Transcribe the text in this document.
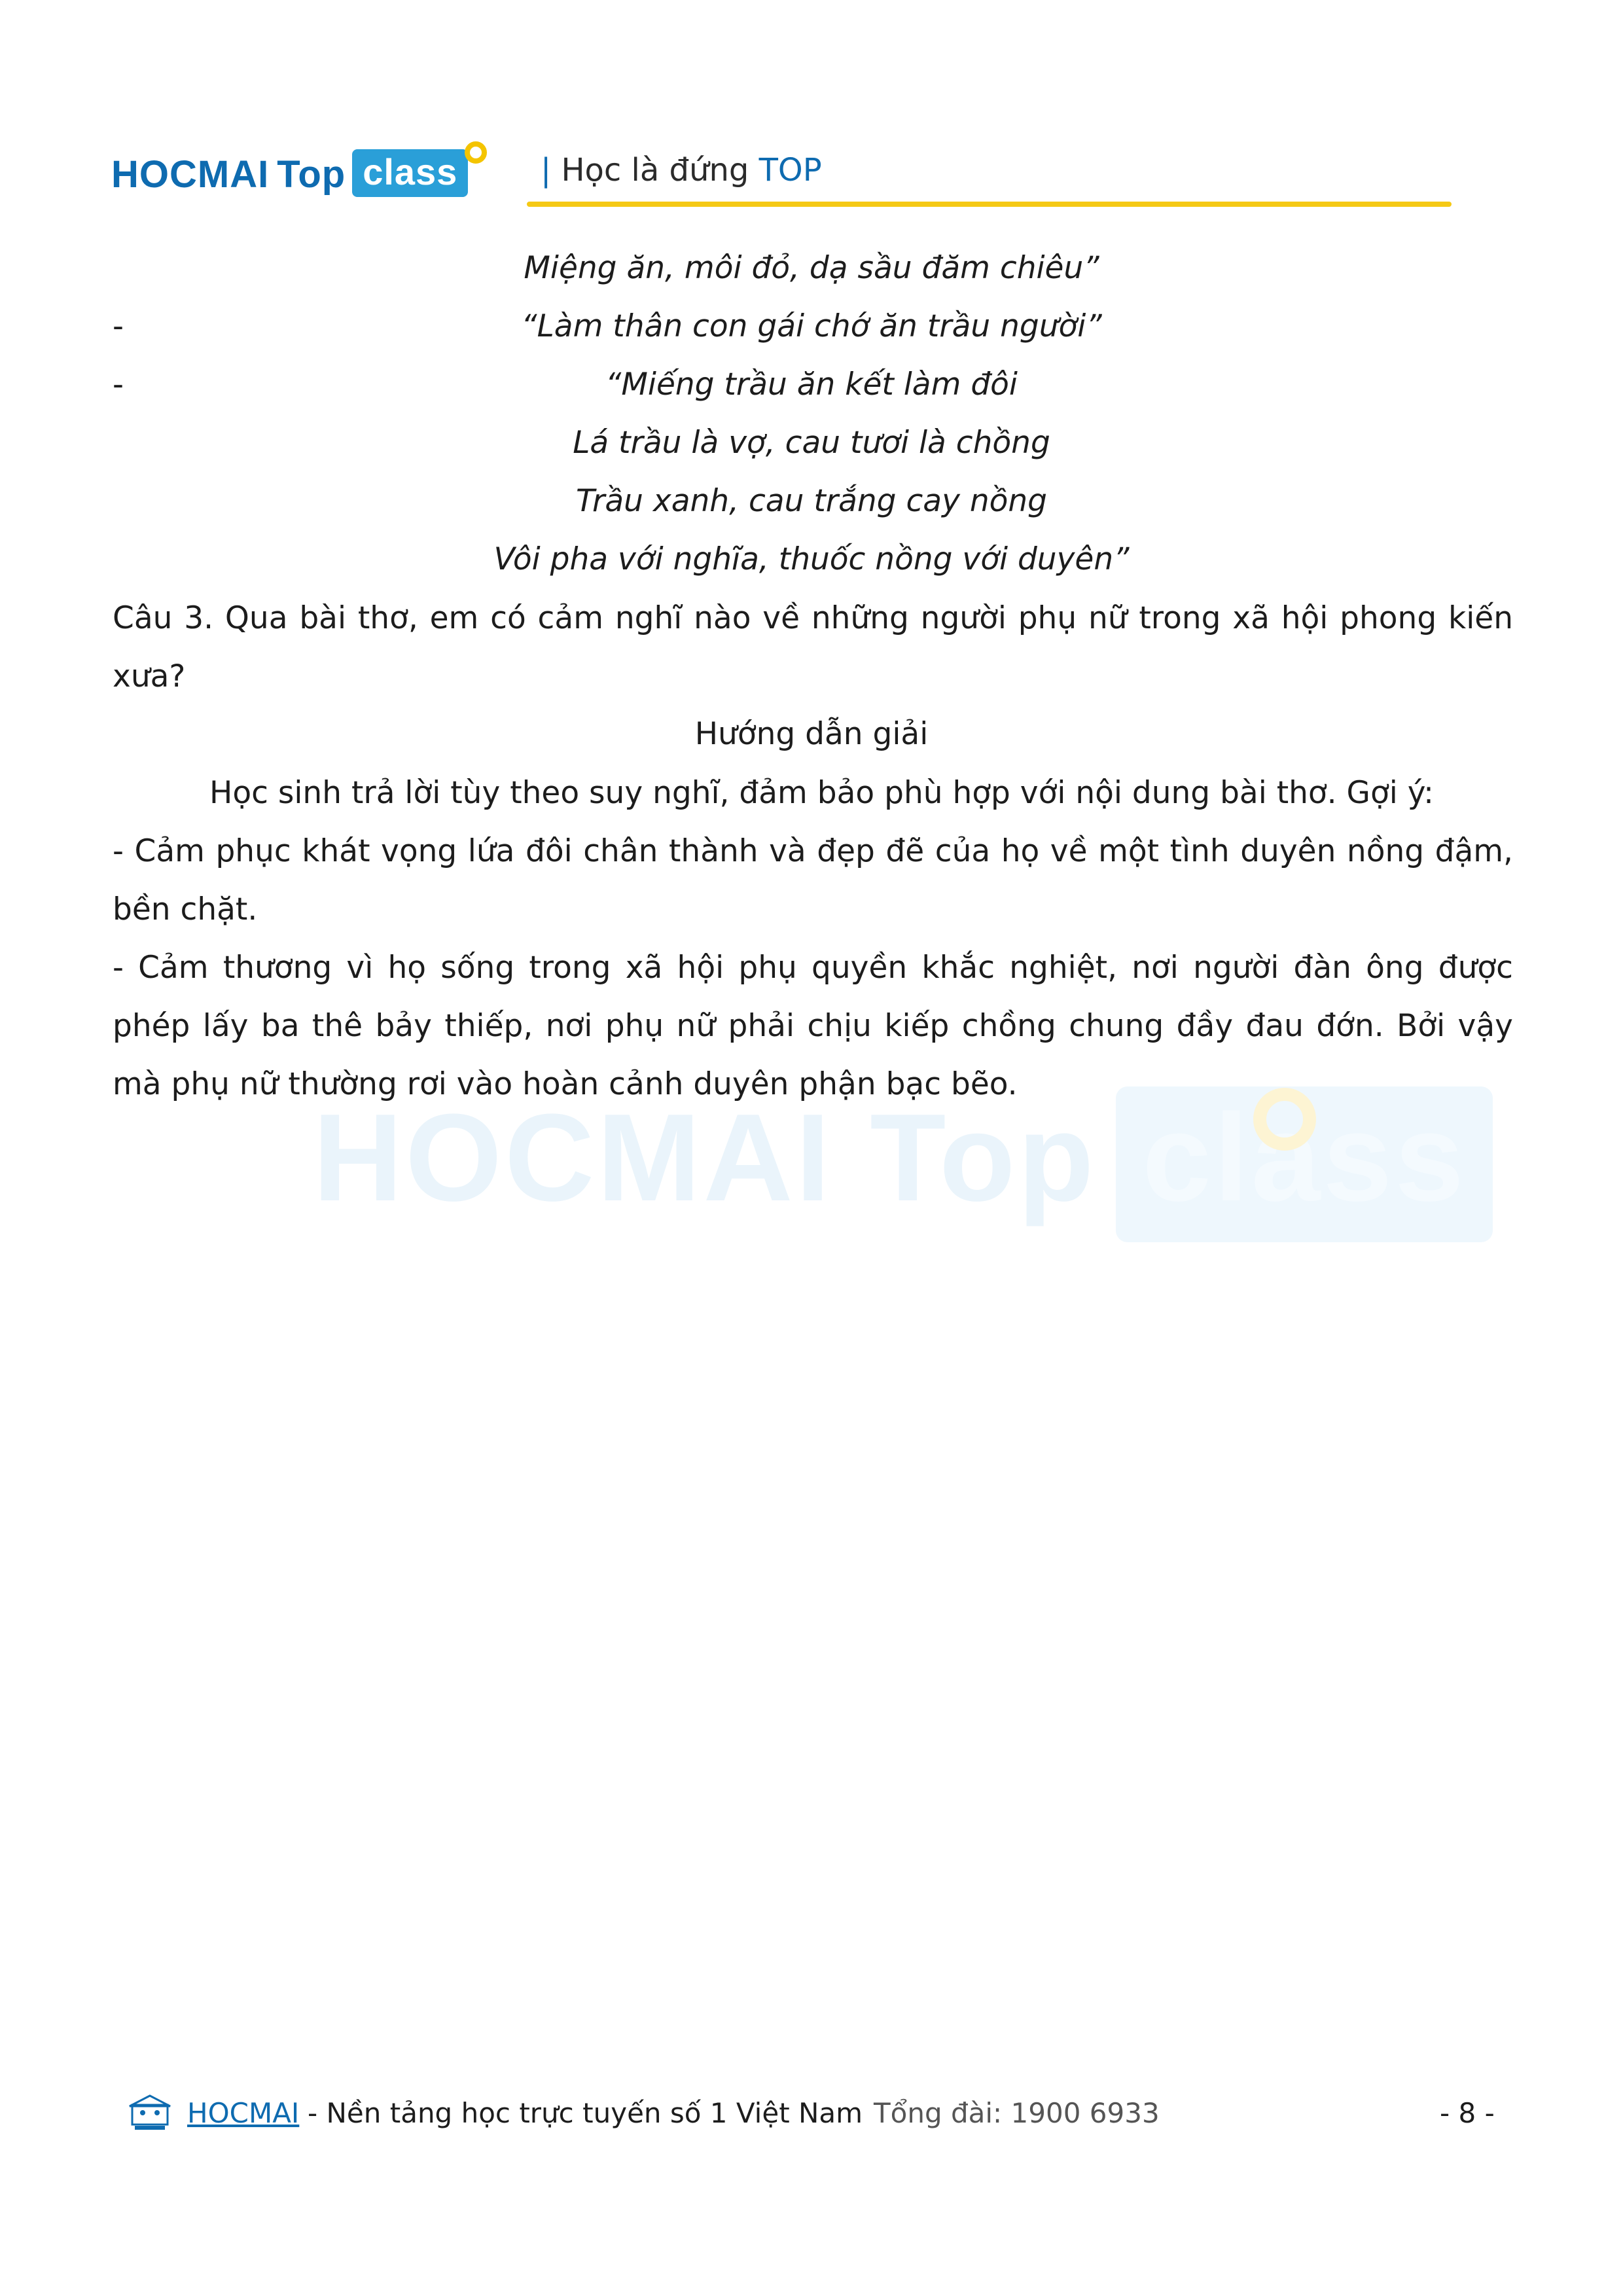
HOCMAI Top class	| Học là đứng TOP
HOCMAI Top class
Miệng ăn, môi đỏ, dạ sầu đăm chiêu”
-	“Làm thân con gái chớ ăn trầu người”
-	“Miếng trầu ăn kết làm đôi
Lá trầu là vợ, cau tươi là chồng
Trầu xanh, cau trắng cay nồng
Vôi pha với nghĩa, thuốc nồng với duyên”

Câu 3. Qua bài thơ, em có cảm nghĩ nào về những người phụ nữ trong xã hội phong kiến xưa?

Hướng dẫn giải

Học sinh trả lời tùy theo suy nghĩ, đảm bảo phù hợp với nội dung bài thơ. Gợi ý:

- Cảm phục khát vọng lứa đôi chân thành và đẹp đẽ của họ về một tình duyên nồng đậm, bền chặt.

- Cảm thương vì họ sống trong xã hội phụ quyền khắc nghiệt, nơi người đàn ông được phép lấy ba thê bảy thiếp, nơi phụ nữ phải chịu kiếp chồng chung đầy đau đớn. Bởi vậy mà phụ nữ thường rơi vào hoàn cảnh duyên phận bạc bẽo.

HOCMAI - Nền tảng học trực tuyến số 1 Việt Nam Tổng đài: 1900 6933	- 8 -
